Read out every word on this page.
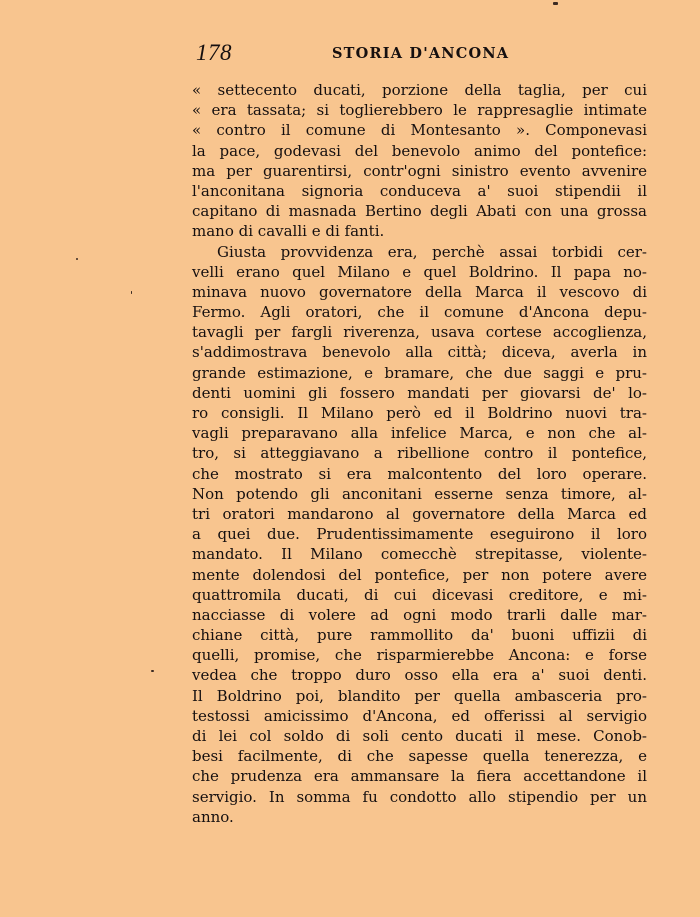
178	STORIA D'ANCONA
« settecento ducati, porzione della taglia, per cui
« era tassata; si toglierebbero le rappresaglie intimate
« contro il comune di Montesanto ». Componevasi
la pace, godevasi del benevolo animo del pontefice:
ma per guarentirsi, contr'ogni sinistro evento avvenire
l'anconitana signoria conduceva a' suoi stipendii il
capitano di masnada Bertino degli Abati con una grossa
mano di cavalli e di fanti.
Giusta provvidenza era, perchè assai torbidi cer-
velli erano quel Milano e quel Boldrino. Il papa no-
minava nuovo governatore della Marca il vescovo di
Fermo. Agli oratori, che il comune d'Ancona depu-
tavagli per fargli riverenza, usava cortese accoglienza,
s'addimostrava benevolo alla città; diceva, averla in
grande estimazione, e bramare, che due saggi e pru-
denti uomini gli fossero mandati per giovarsi de' lo-
ro consigli. Il Milano però ed il Boldrino nuovi tra-
vagli preparavano alla infelice Marca, e non che al-
tro, si atteggiavano a ribellione contro il pontefice,
che mostrato si era malcontento del loro operare.
Non potendo gli anconitani esserne senza timore, al-
tri oratori mandarono al governatore della Marca ed
a quei due. Prudentissimamente eseguirono il loro
mandato. Il Milano comecchè strepitasse, violente-
mente dolendosi del pontefice, per non potere avere
quattromila ducati, di cui dicevasi creditore, e mi-
nacciasse di volere ad ogni modo trarli dalle mar-
chiane città, pure rammollito da' buoni uffizii di
quelli, promise, che risparmierebbe Ancona: e forse
vedea che troppo duro osso ella era a' suoi denti.
Il Boldrino poi, blandito per quella ambasceria pro-
testossi amicissimo d'Ancona, ed offerissi al servigio
di lei col soldo di soli cento ducati il mese. Conob-
besi facilmente, di che sapesse quella tenerezza, e
che prudenza era ammansare la fiera accettandone il
servigio. In somma fu condotto allo stipendio per un
anno.
